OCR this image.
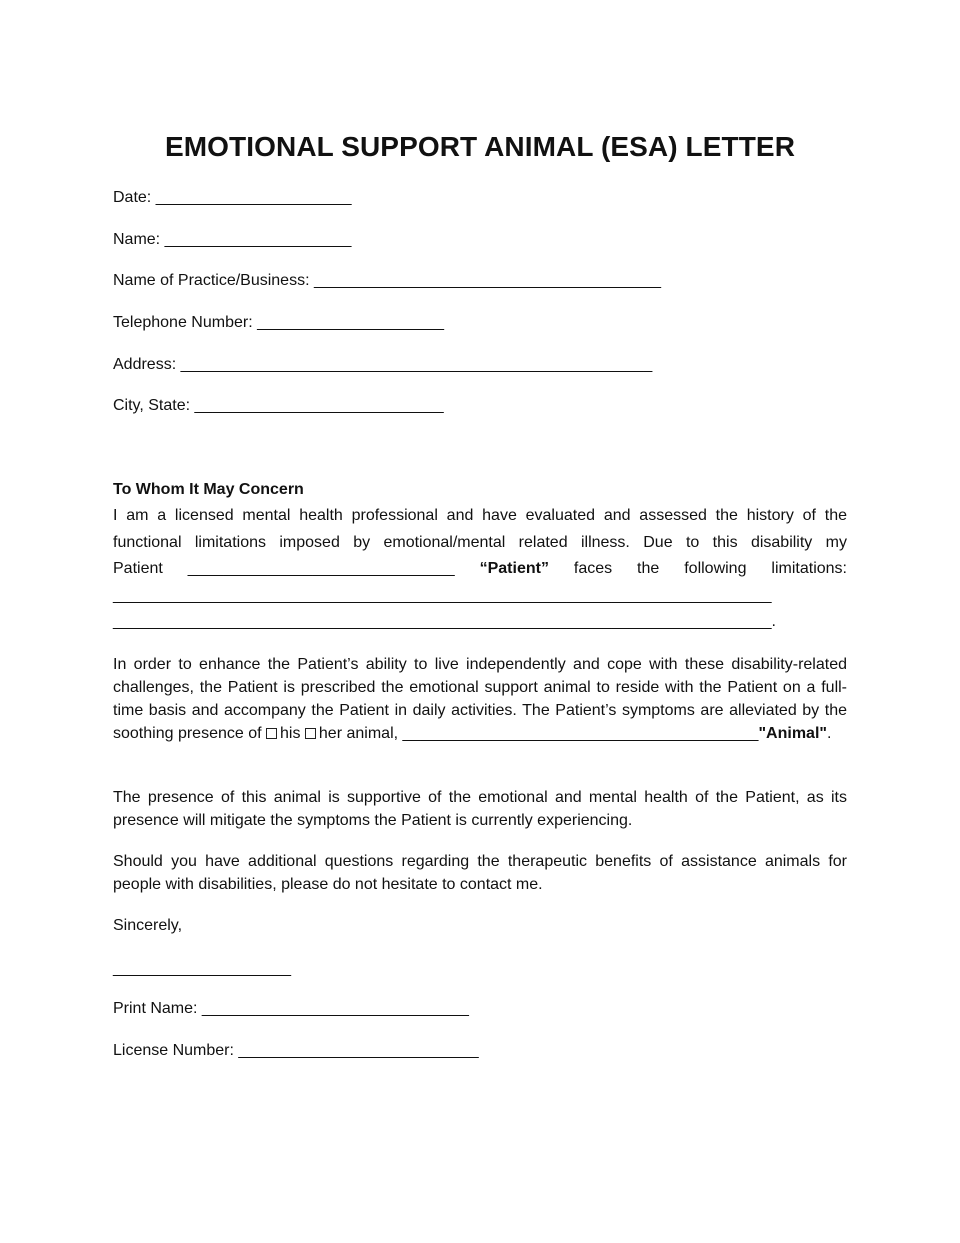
EMOTIONAL SUPPORT ANIMAL (ESA) LETTER
Date: ______________________
Name: _____________________
Name of Practice/Business: _______________________________________
Telephone Number: _____________________
Address: _____________________________________________________
City, State: ____________________________
To Whom It May Concern
I am a licensed mental health professional and have evaluated and assessed the history of the
functional limitations imposed by emotional/mental related illness. Due to this disability my
Patient ______________________________ “Patient” faces the following limitations:
__________________________________________________________________________
__________________________________________________________________________.

In order to enhance the Patient’s ability to live independently and cope with these disability-related challenges, the Patient is prescribed the emotional support animal to reside with the Patient on a full-time basis and accompany the Patient in daily activities. The Patient’s symptoms are alleviated by the soothing presence of his her animal, ________________________________________"Animal".

The presence of this animal is supportive of the emotional and mental health of the Patient, as its presence will mitigate the symptoms the Patient is currently experiencing.

Should you have additional questions regarding the therapeutic benefits of assistance animals for people with disabilities, please do not hesitate to contact me.

Sincerely,
____________________
Print Name: ______________________________
License Number: ___________________________
